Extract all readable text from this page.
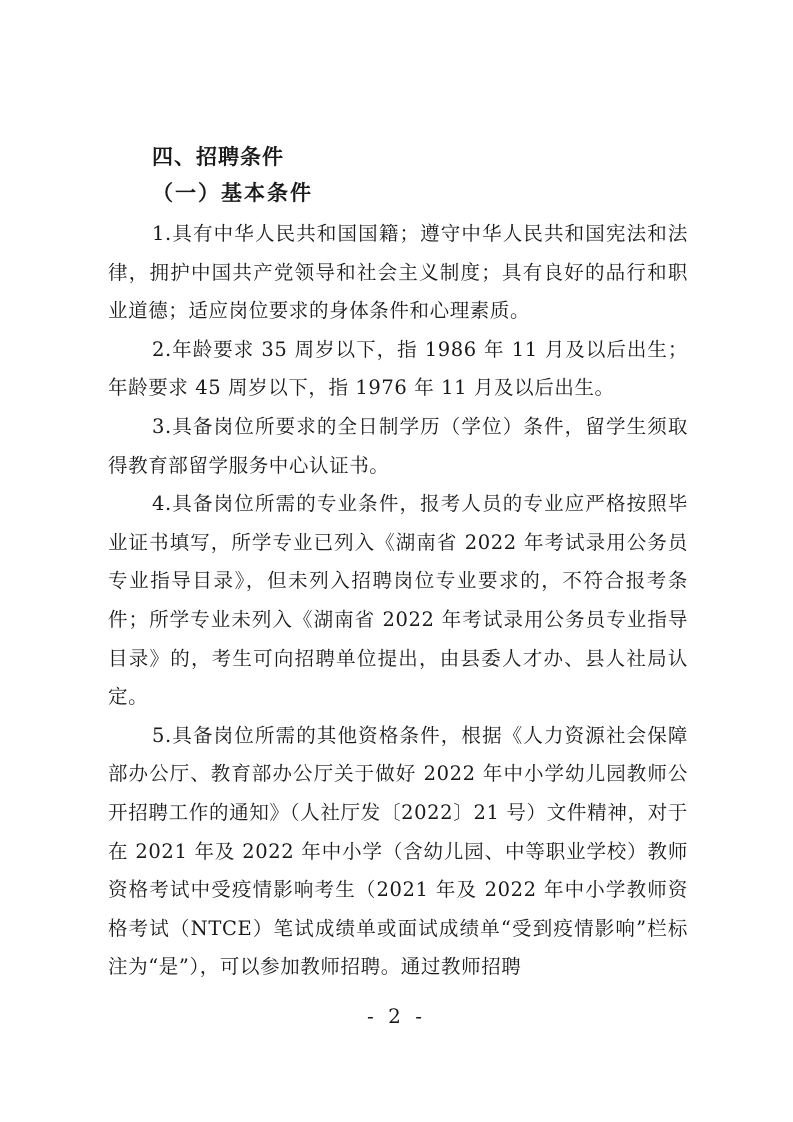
四、招聘条件
（一）基本条件

1.具有中华人民共和国国籍；遵守中华人民共和国宪法和法律，拥护中国共产党领导和社会主义制度；具有良好的品行和职业道德；适应岗位要求的身体条件和心理素质。

2.年龄要求 35 周岁以下，指 1986 年 11 月及以后出生；年龄要求 45 周岁以下，指 1976 年 11 月及以后出生。

3.具备岗位所要求的全日制学历（学位）条件，留学生须取得教育部留学服务中心认证书。

4.具备岗位所需的专业条件，报考人员的专业应严格按照毕业证书填写，所学专业已列入《湖南省 2022 年考试录用公务员专业指导目录》，但未列入招聘岗位专业要求的，不符合报考条件；所学专业未列入《湖南省 2022 年考试录用公务员专业指导目录》的，考生可向招聘单位提出，由县委人才办、县人社局认定。

5.具备岗位所需的其他资格条件，根据《人力资源社会保障部办公厅、教育部办公厅关于做好 2022 年中小学幼儿园教师公开招聘工作的通知》（人社厅发〔2022〕21 号）文件精神，对于在 2021 年及 2022 年中小学（含幼儿园、中等职业学校）教师资格考试中受疫情影响考生（2021 年及 2022 年中小学教师资格考试（NTCE）笔试成绩单或面试成绩单“受到疫情影响”栏标注为“是”），可以参加教师招聘。通过教师招聘

- 2 -
